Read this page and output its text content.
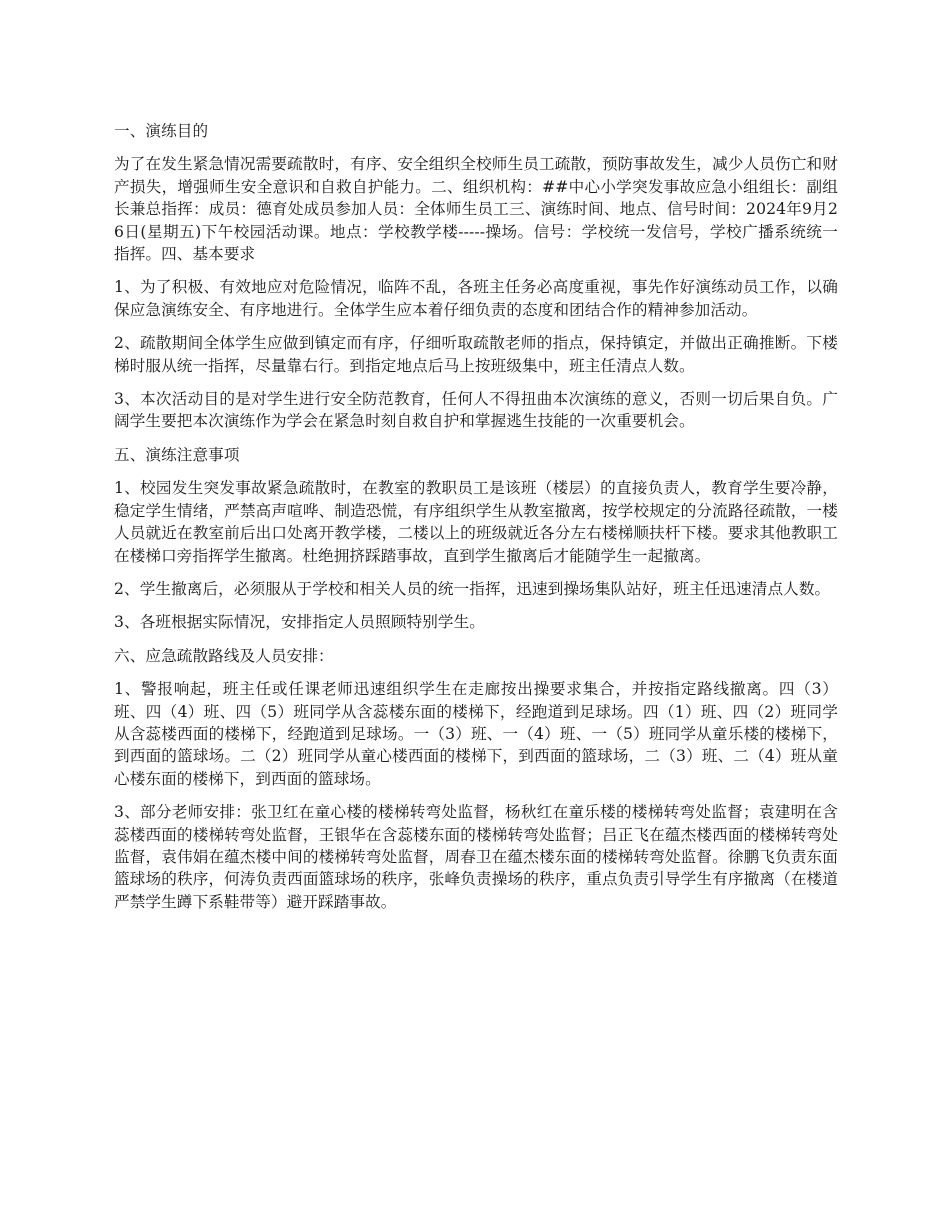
一、演练目的

为了在发生紧急情况需要疏散时，有序、安全组织全校师生员工疏散，预防事故发生，减少人员伤亡和财产损失，增强师生安全意识和自救自护能力。二、组织机构：##中心小学突发事故应急小组组长：副组长兼总指挥：成员：德育处成员参加人员：全体师生员工三、演练时间、地点、信号时间：2024年9月26日(星期五)下午校园活动课。地点：学校教学楼-----操场。信号：学校统一发信号，学校广播系统统一指挥。四、基本要求

1、为了积极、有效地应对危险情况，临阵不乱，各班主任务必高度重视，事先作好演练动员工作，以确保应急演练安全、有序地进行。全体学生应本着仔细负责的态度和团结合作的精神参加活动。

2、疏散期间全体学生应做到镇定而有序，仔细听取疏散老师的指点，保持镇定，并做出正确推断。下楼梯时服从统一指挥，尽量靠右行。到指定地点后马上按班级集中，班主任清点人数。

3、本次活动目的是对学生进行安全防范教育，任何人不得扭曲本次演练的意义，否则一切后果自负。广阔学生要把本次演练作为学会在紧急时刻自救自护和掌握逃生技能的一次重要机会。

五、演练注意事项

1、校园发生突发事故紧急疏散时，在教室的教职员工是该班（楼层）的直接负责人，教育学生要冷静，稳定学生情绪，严禁高声喧哗、制造恐慌，有序组织学生从教室撤离，按学校规定的分流路径疏散，一楼人员就近在教室前后出口处离开教学楼，二楼以上的班级就近各分左右楼梯顺扶杆下楼。要求其他教职工在楼梯口旁指挥学生撤离。杜绝拥挤踩踏事故，直到学生撤离后才能随学生一起撤离。

2、学生撤离后，必须服从于学校和相关人员的统一指挥，迅速到操场集队站好，班主任迅速清点人数。

3、各班根据实际情况，安排指定人员照顾特别学生。

六、应急疏散路线及人员安排：

1、警报响起，班主任或任课老师迅速组织学生在走廊按出操要求集合，并按指定路线撤离。四（3）班、四（4）班、四（5）班同学从含蕊楼东面的楼梯下，经跑道到足球场。四（1）班、四（2）班同学从含蕊楼西面的楼梯下，经跑道到足球场。一（3）班、一（4）班、一（5）班同学从童乐楼的楼梯下，到西面的篮球场。二（2）班同学从童心楼西面的楼梯下，到西面的篮球场，二（3）班、二（4）班从童心楼东面的楼梯下，到西面的篮球场。

3、部分老师安排：张卫红在童心楼的楼梯转弯处监督，杨秋红在童乐楼的楼梯转弯处监督；袁建明在含蕊楼西面的楼梯转弯处监督，王银华在含蕊楼东面的楼梯转弯处监督；吕正飞在蕴杰楼西面的楼梯转弯处监督，袁伟娟在蕴杰楼中间的楼梯转弯处监督，周春卫在蕴杰楼东面的楼梯转弯处监督。徐鹏飞负责东面篮球场的秩序，何涛负责西面篮球场的秩序，张峰负责操场的秩序，重点负责引导学生有序撤离（在楼道严禁学生蹲下系鞋带等）避开踩踏事故。
